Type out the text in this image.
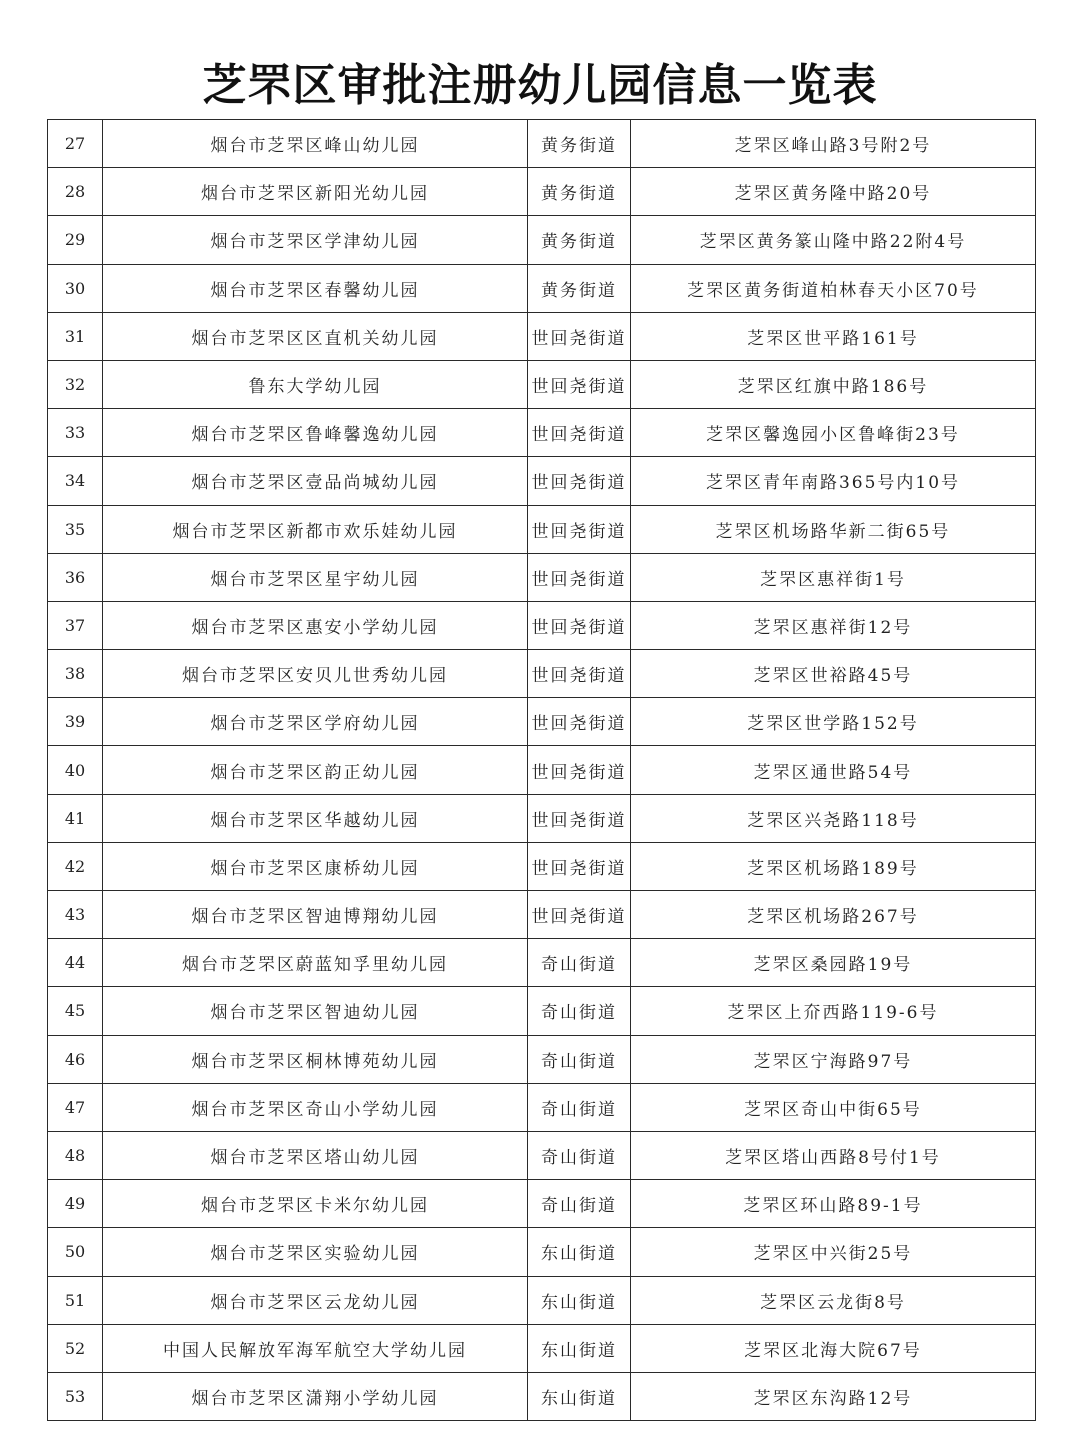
芝罘区审批注册幼儿园信息一览表
27	烟台市芝罘区峰山幼儿园	黄务街道	芝罘区峰山路3号附2号
28	烟台市芝罘区新阳光幼儿园	黄务街道	芝罘区黄务隆中路20号
29	烟台市芝罘区学津幼儿园	黄务街道	芝罘区黄务篆山隆中路22附4号
30	烟台市芝罘区春馨幼儿园	黄务街道	芝罘区黄务街道柏林春天小区70号
31	烟台市芝罘区区直机关幼儿园	世回尧街道	芝罘区世平路161号
32	鲁东大学幼儿园	世回尧街道	芝罘区红旗中路186号
33	烟台市芝罘区鲁峰馨逸幼儿园	世回尧街道	芝罘区馨逸园小区鲁峰街23号
34	烟台市芝罘区壹品尚城幼儿园	世回尧街道	芝罘区青年南路365号内10号
35	烟台市芝罘区新都市欢乐娃幼儿园	世回尧街道	芝罘区机场路华新二街65号
36	烟台市芝罘区星宇幼儿园	世回尧街道	芝罘区惠祥街1号
37	烟台市芝罘区惠安小学幼儿园	世回尧街道	芝罘区惠祥街12号
38	烟台市芝罘区安贝儿世秀幼儿园	世回尧街道	芝罘区世裕路45号
39	烟台市芝罘区学府幼儿园	世回尧街道	芝罘区世学路152号
40	烟台市芝罘区韵正幼儿园	世回尧街道	芝罘区通世路54号
41	烟台市芝罘区华越幼儿园	世回尧街道	芝罘区兴尧路118号
42	烟台市芝罘区康桥幼儿园	世回尧街道	芝罘区机场路189号
43	烟台市芝罘区智迪博翔幼儿园	世回尧街道	芝罘区机场路267号
44	烟台市芝罘区蔚蓝知孚里幼儿园	奇山街道	芝罘区桑园路19号
45	烟台市芝罘区智迪幼儿园	奇山街道	芝罘区上夼西路119-6号
46	烟台市芝罘区桐林博苑幼儿园	奇山街道	芝罘区宁海路97号
47	烟台市芝罘区奇山小学幼儿园	奇山街道	芝罘区奇山中街65号
48	烟台市芝罘区塔山幼儿园	奇山街道	芝罘区塔山西路8号付1号
49	烟台市芝罘区卡米尔幼儿园	奇山街道	芝罘区环山路89-1号
50	烟台市芝罘区实验幼儿园	东山街道	芝罘区中兴街25号
51	烟台市芝罘区云龙幼儿园	东山街道	芝罘区云龙街8号
52	中国人民解放军海军航空大学幼儿园	东山街道	芝罘区北海大院67号
53	烟台市芝罘区潇翔小学幼儿园	东山街道	芝罘区东沟路12号
